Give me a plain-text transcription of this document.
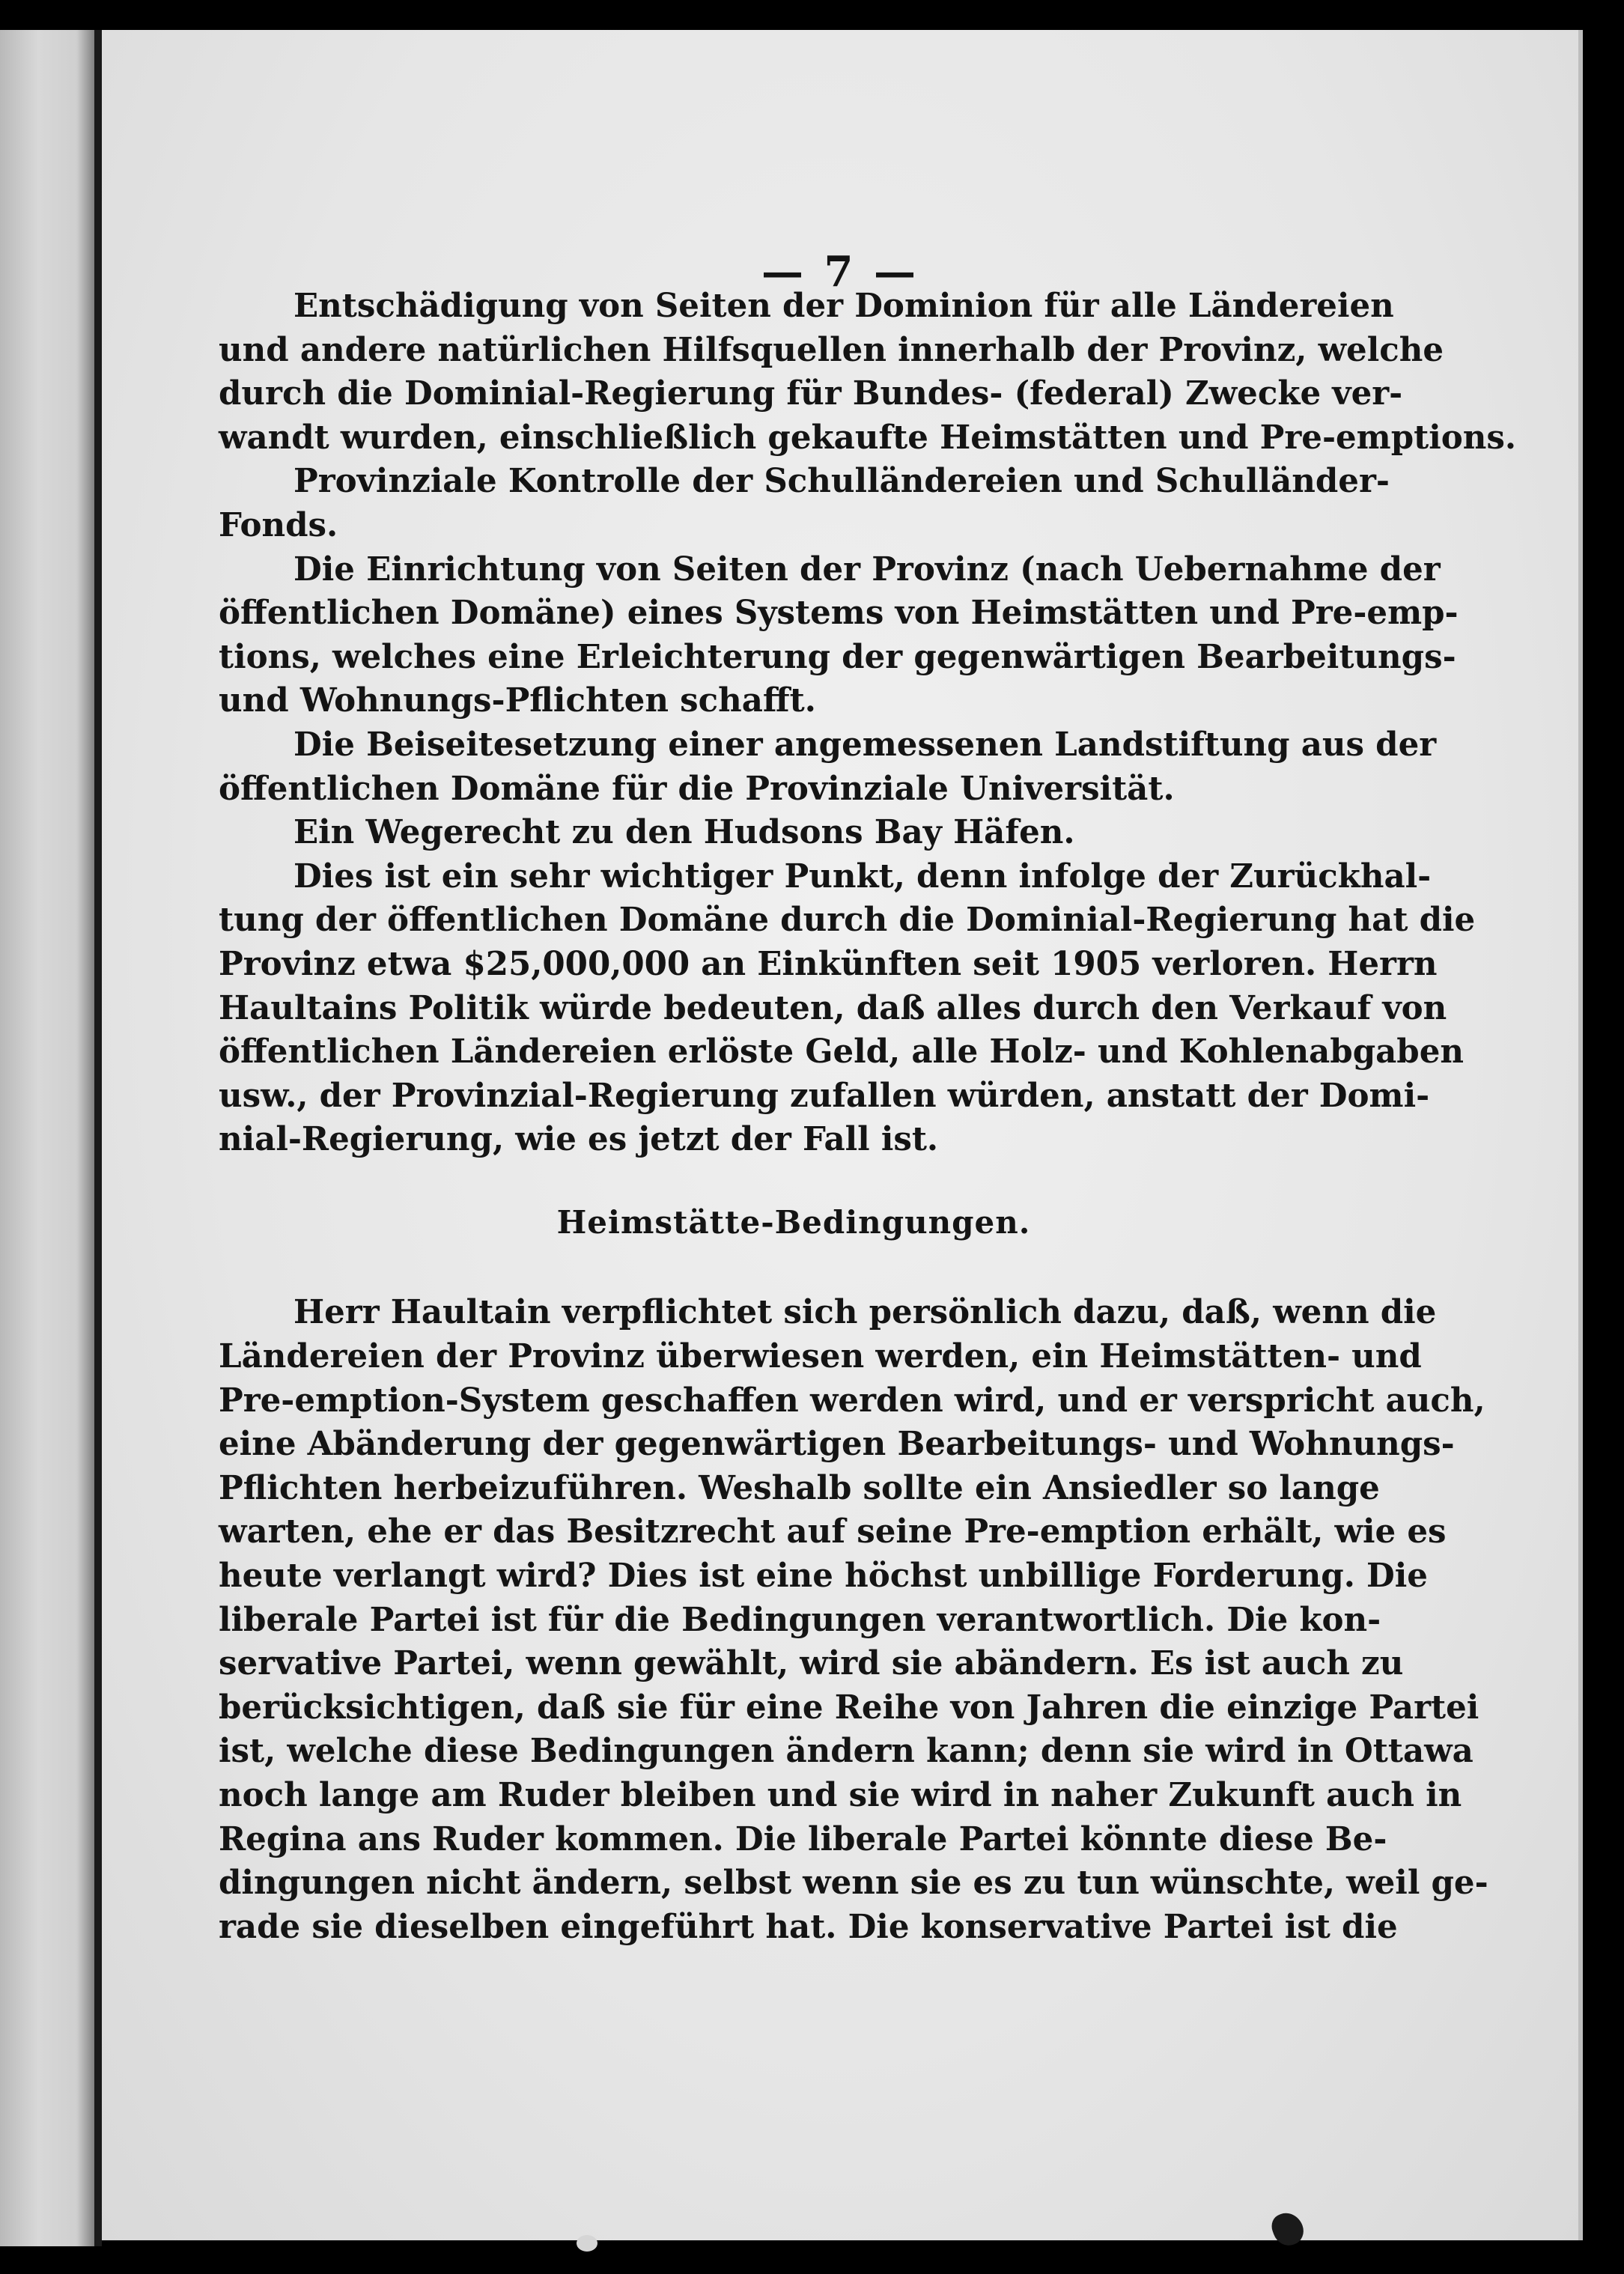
— 7 —
Entschädigung von Seiten der Dominion für alle Ländereien
und andere natürlichen Hilfsquellen innerhalb der Provinz, welche
durch die Dominial-Regierung für Bundes- (federal) Zwecke ver-
wandt wurden, einschließlich gekaufte Heimstätten und Pre-emptions.
Provinziale Kontrolle der Schulländereien und Schulländer-
Fonds.
Die Einrichtung von Seiten der Provinz (nach Uebernahme der
öffentlichen Domäne) eines Systems von Heimstätten und Pre-emp-
tions, welches eine Erleichterung der gegenwärtigen Bearbeitungs-
und Wohnungs-Pflichten schafft.
Die Beiseitesetzung einer angemessenen Landstiftung aus der
öffentlichen Domäne für die Provinziale Universität.
Ein Wegerecht zu den Hudsons Bay Häfen.
Dies ist ein sehr wichtiger Punkt, denn infolge der Zurückhal-
tung der öffentlichen Domäne durch die Dominial-Regierung hat die
Provinz etwa $25,000,000 an Einkünften seit 1905 verloren. Herrn
Haultains Politik würde bedeuten, daß alles durch den Verkauf von
öffentlichen Ländereien erlöste Geld, alle Holz- und Kohlenabgaben
usw., der Provinzial-Regierung zufallen würden, anstatt der Domi-
nial-Regierung, wie es jetzt der Fall ist.
Heimstätte-Bedingungen.
Herr Haultain verpflichtet sich persönlich dazu, daß, wenn die
Ländereien der Provinz überwiesen werden, ein Heimstätten- und
Pre-emption-System geschaffen werden wird, und er verspricht auch,
eine Abänderung der gegenwärtigen Bearbeitungs- und Wohnungs-
Pflichten herbeizuführen. Weshalb sollte ein Ansiedler so lange
warten, ehe er das Besitzrecht auf seine Pre-emption erhält, wie es
heute verlangt wird? Dies ist eine höchst unbillige Forderung. Die
liberale Partei ist für die Bedingungen verantwortlich. Die kon-
servative Partei, wenn gewählt, wird sie abändern. Es ist auch zu
berücksichtigen, daß sie für eine Reihe von Jahren die einzige Partei
ist, welche diese Bedingungen ändern kann; denn sie wird in Ottawa
noch lange am Ruder bleiben und sie wird in naher Zukunft auch in
Regina ans Ruder kommen. Die liberale Partei könnte diese Be-
dingungen nicht ändern, selbst wenn sie es zu tun wünschte, weil ge-
rade sie dieselben eingeführt hat. Die konservative Partei ist die
